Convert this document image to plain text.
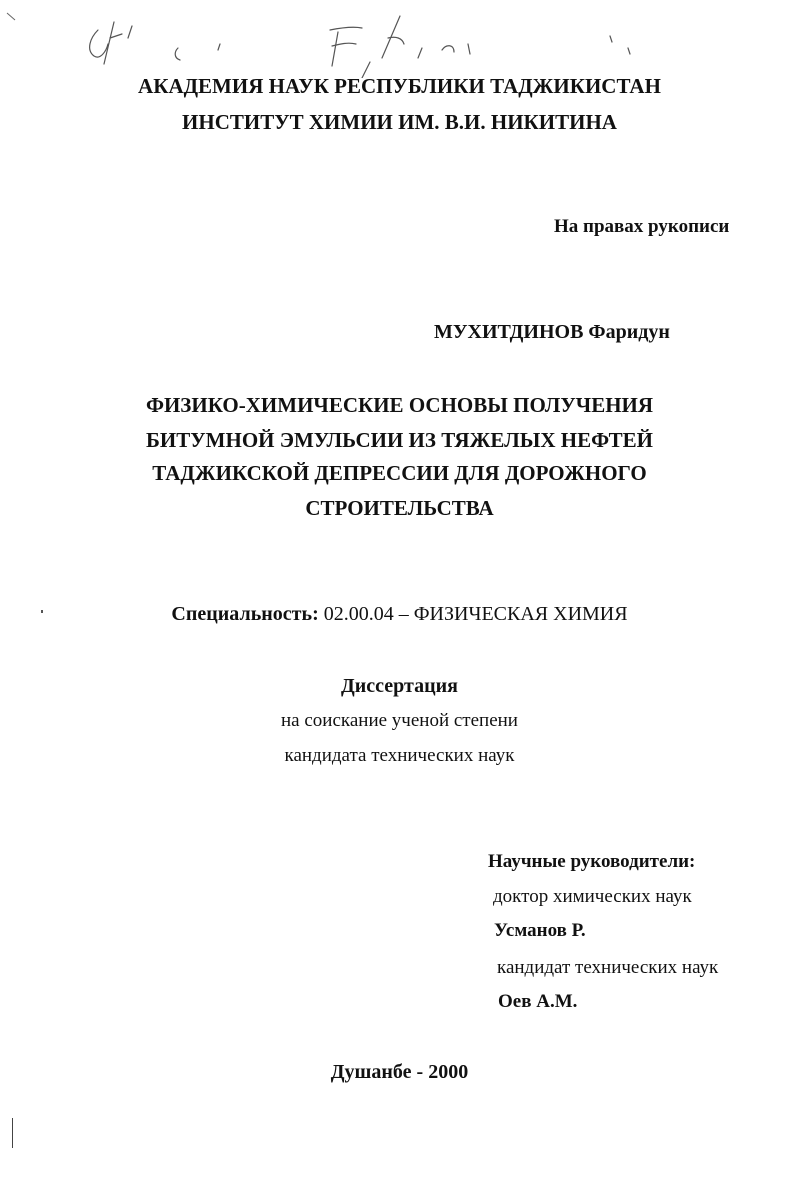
АКАДЕМИЯ НАУК РЕСПУБЛИКИ ТАДЖИКИСТАН

ИНСТИТУТ ХИМИИ ИМ. В.И. НИКИТИНА

На правах рукописи

МУХИТДИНОВ Фаридун

ФИЗИКО-ХИМИЧЕСКИЕ ОСНОВЫ ПОЛУЧЕНИЯ

БИТУМНОЙ ЭМУЛЬСИИ ИЗ ТЯЖЕЛЫХ НЕФТЕЙ

ТАДЖИКСКОЙ ДЕПРЕССИИ ДЛЯ ДОРОЖНОГО

СТРОИТЕЛЬСТВА

Специальность: 02.00.04 – ФИЗИЧЕСКАЯ ХИМИЯ

Диссертация

на соискание ученой степени

кандидата технических наук

Научные руководители:

доктор химических наук

Усманов Р.

кандидат технических наук

Оев А.М.

Душанбе - 2000
